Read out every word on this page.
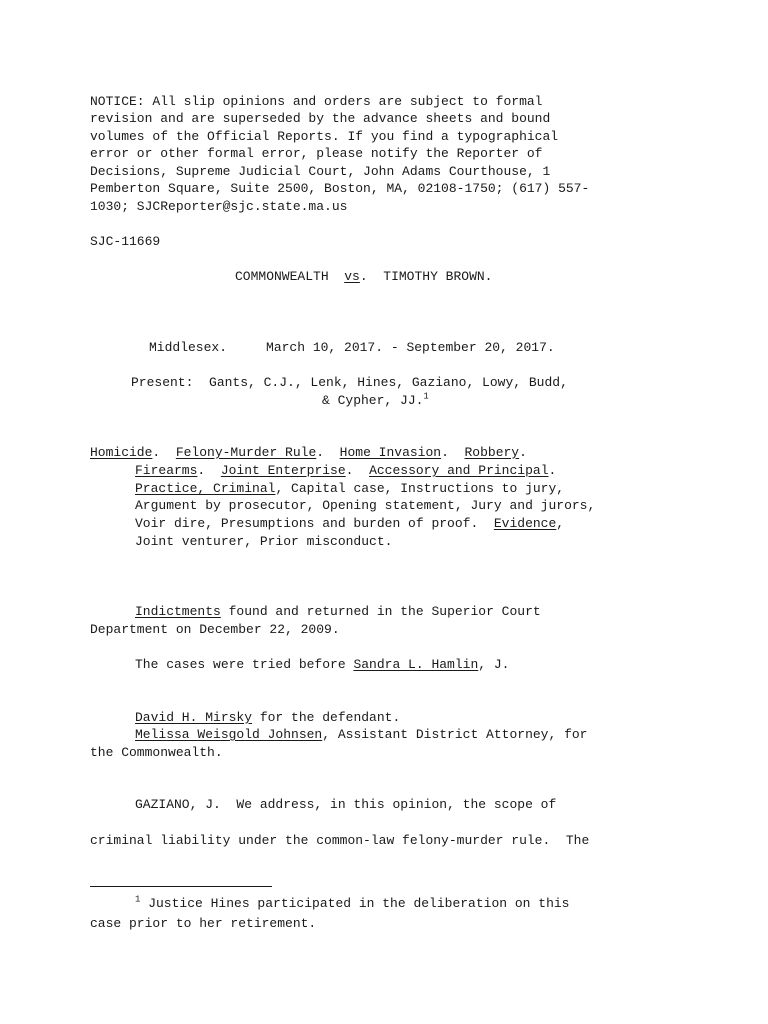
NOTICE: All slip opinions and orders are subject to formal
revision and are superseded by the advance sheets and bound
volumes of the Official Reports. If you find a typographical
error or other formal error, please notify the Reporter of
Decisions, Supreme Judicial Court, John Adams Courthouse, 1
Pemberton Square, Suite 2500, Boston, MA, 02108-1750; (617) 557-
1030; SJCReporter@sjc.state.ma.us
SJC-11669
COMMONWEALTH vs. TIMOTHY BROWN.
Middlesex.     March 10, 2017. - September 20, 2017.
Present:  Gants, C.J., Lenk, Hines, Gaziano, Lowy, Budd,
& Cypher, JJ.$^1$
Homicide.  Felony-Murder Rule.  Home Invasion.  Robbery.
Firearms.  Joint Enterprise.  Accessory and Principal.
Practice, Criminal, Capital case, Instructions to jury,
Argument by prosecutor, Opening statement, Jury and jurors,
Voir dire, Presumptions and burden of proof.  Evidence,
Joint venturer, Prior misconduct.
Indictments found and returned in the Superior Court
Department on December 22, 2009.
The cases were tried before Sandra L. Hamlin, J.
David H. Mirsky for the defendant.
Melissa Weisgold Johnsen, Assistant District Attorney, for
the Commonwealth.
GAZIANO, J.  We address, in this opinion, the scope of
criminal liability under the common-law felony-murder rule.  The
$^1$ Justice Hines participated in the deliberation on this
case prior to her retirement.
